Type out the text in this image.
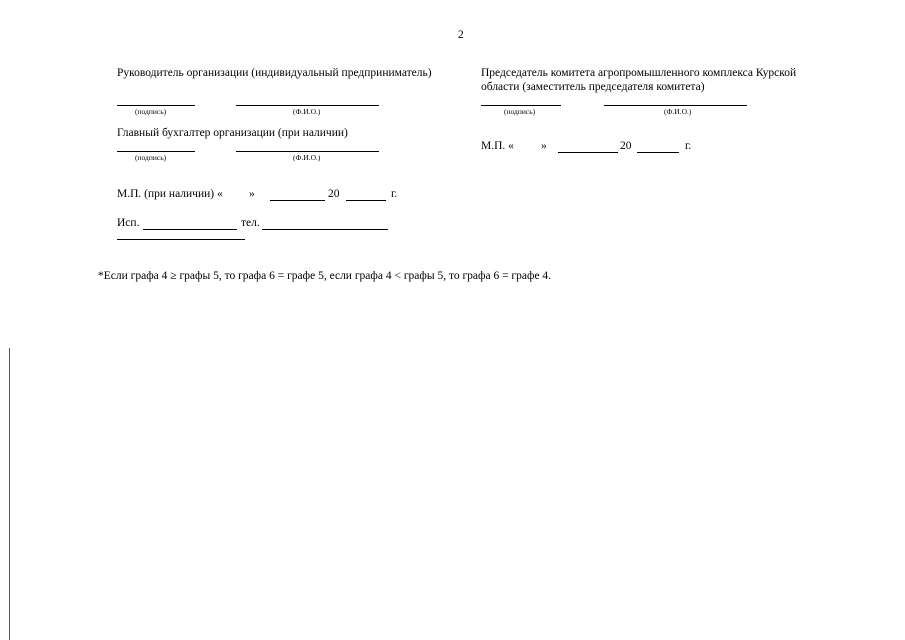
2
Руководитель организации (индивидуальный предприниматель)
(подпись)	(Ф.И.О.)
Главный бухгалтер организации (при наличии)
(подпись)	(Ф.И.О.)
М.П. (при наличии) « »	20	г.
Исп.	тел.
Председатель комитета агропромышленного комплекса Курской
области (заместитель председателя комитета)
(подпись)	(Ф.И.О.)
М.П. « »	20	г.
*Если графа 4 ≥ графы 5, то графа 6 = графе 5, если графа 4 < графы 5, то графа 6 = графе 4.
